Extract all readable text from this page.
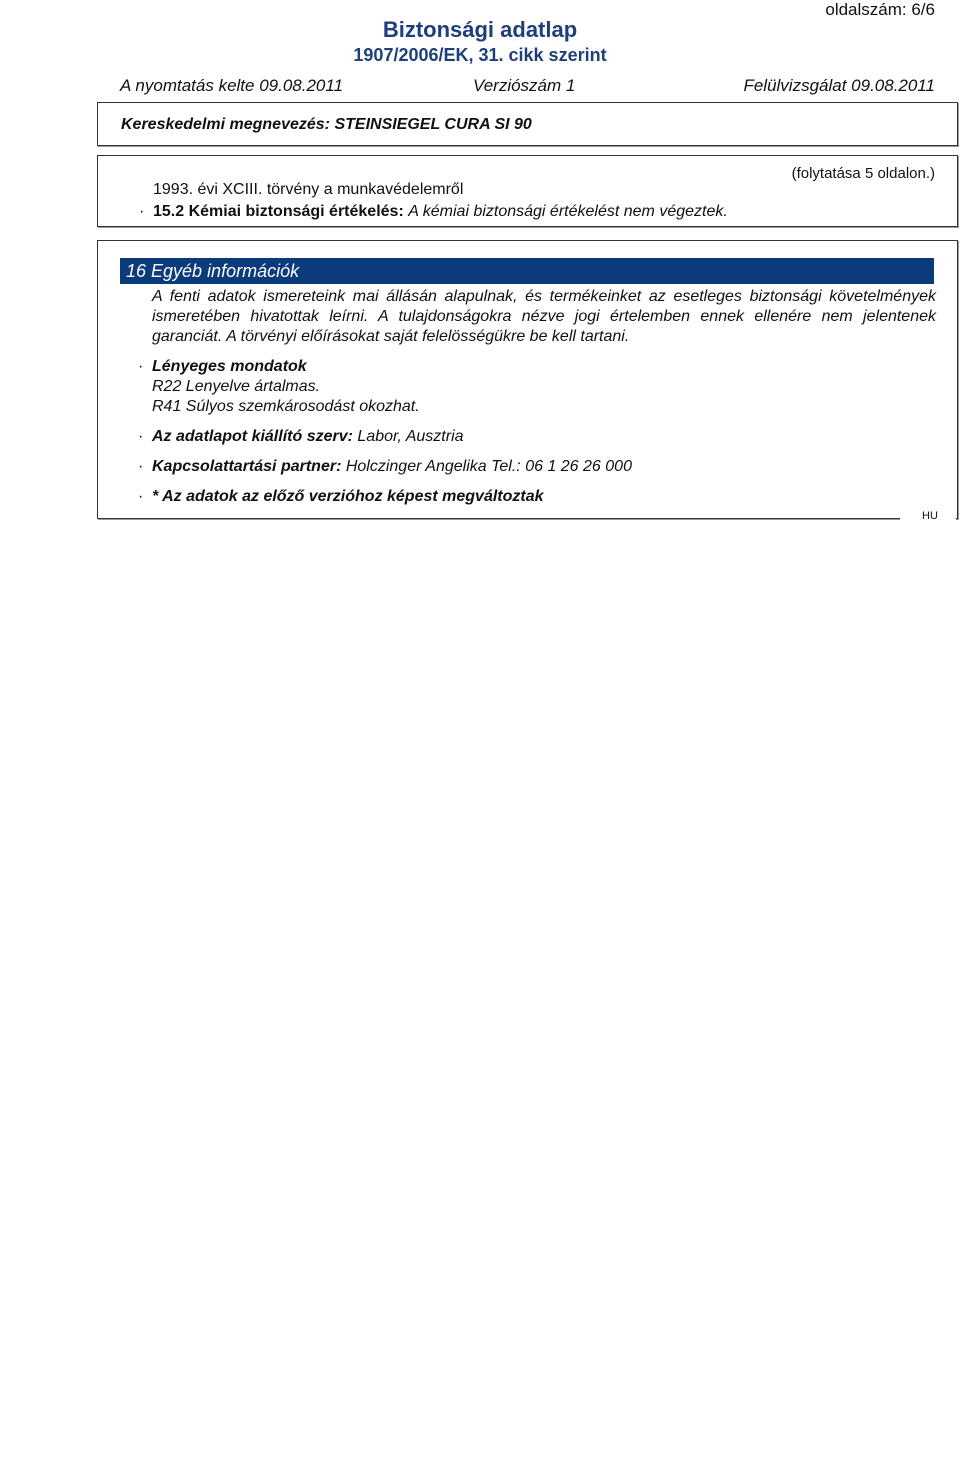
oldalszám: 6/6
Biztonsági adatlap
1907/2006/EK, 31. cikk szerint
A nyomtatás kelte 09.08.2011	Verziószám 1	Felülvizsgálat 09.08.2011
Kereskedelmi megnevezés: STEINSIEGEL CURA SI 90
(folytatása 5 oldalon.)
1993. évi XCIII. törvény a munkavédelemről
· 15.2 Kémiai biztonsági értékelés: A kémiai biztonsági értékelést nem végeztek.
16 Egyéb információk
A fenti adatok ismereteink mai állásán alapulnak, és termékeinket az esetleges biztonsági követelmények ismeretében hivatottak leírni. A tulajdonságokra nézve jogi értelemben ennek ellenére nem jelentenek garanciát. A törvényi előírásokat saját felelösségükre be kell tartani.
· Lényeges mondatok
R22 Lenyelve ártalmas.
R41 Súlyos szemkárosodást okozhat.
· Az adatlapot kiállító szerv: Labor, Ausztria
· Kapcsolattartási partner: Holczinger Angelika Tel.: 06 1 26 26 000
· * Az adatok az előző verzióhoz képest megváltoztak
HU
